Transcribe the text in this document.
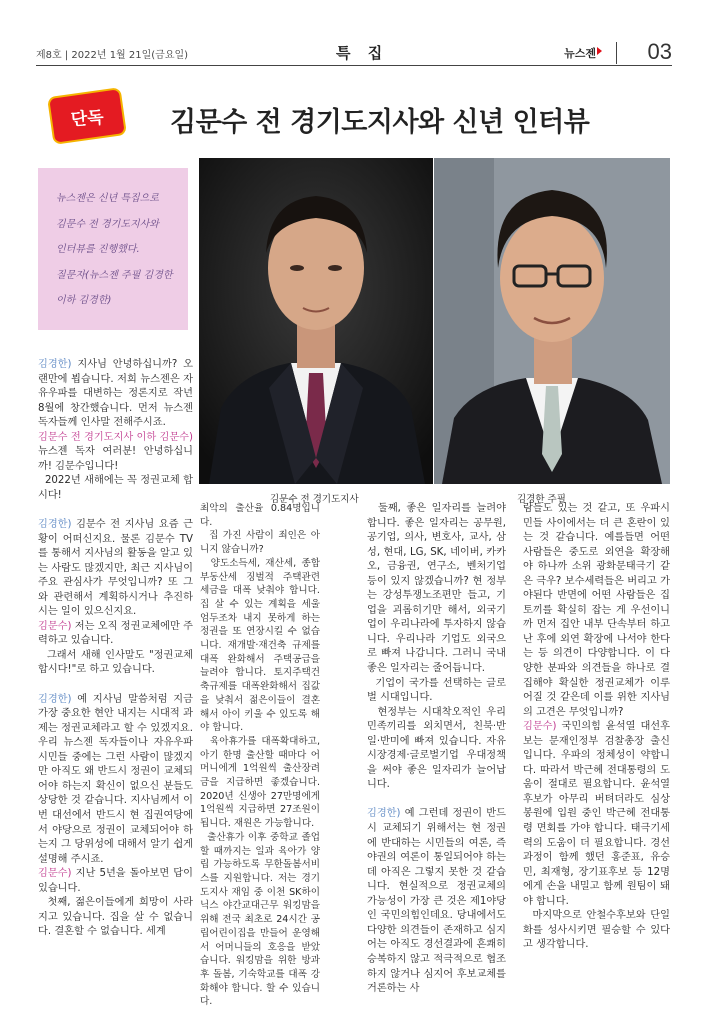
제8호 | 2022년 1월 21일(금요일)	특 집	뉴스젠 03
단독	김문수 전 경기도지사와 신년 인터뷰
뉴스젠은 신년 특집으로
김문수 전 경기도지사와
인터뷰를 진행했다.
질문자(뉴스젠 주필 김경한
이하 김경한)
김문수 전 경기도지사	김경한 주필

김경한) 지사님 안녕하십니까? 오랜만에 뵙습니다. 저희 뉴스젠은 자유우파를 대변하는 정론지로 작년 8월에 창간했습니다. 먼저 뉴스젠 독자들께 인사말 전해주시죠.

김문수 전 경기도지사 이하 김문수) 뉴스젠 독자 여러분! 안녕하십니까! 김문수입니다!

2022년 새해에는 꼭 정권교체 합시다!

김경한) 김문수 전 지사님 요즘 근황이 어떠신지요. 물론 김문수 TV를 통해서 지사님의 활동을 알고 있는 사람도 많겠지만, 최근 지사님이 주요 관심사가 무엇입니까? 또 그와 관련해서 계획하시거나 추진하시는 일이 있으신지요.

김문수) 저는 오직 정권교체에만 주력하고 있습니다.

그래서 새해 인사말도 "정권교체합시다!"로 하고 있습니다.

김경한) 예 지사님 말씀처럼 지금 가장 중요한 현안 내지는 시대적 과제는 정권교체라고 할 수 있겠지요. 우리 뉴스젠 독자들이나 자유우파 시민들 중에는 그런 사람이 많겠지만 아직도 왜 반드시 정권이 교체되어야 하는지 확신이 없으신 분들도 상당한 것 같습니다. 지사님께서 이번 대선에서 반드시 현 집권여당에서 야당으로 정권이 교체되어야 하는지 그 당위성에 대해서 알기 쉽게 설명해 주시죠.

김문수) 지난 5년을 돌아보면 답이 있습니다.

첫째, 젊은이들에게 희망이 사라지고 있습니다. 집을 살 수 없습니다. 결혼할 수 없습니다. 세계

최악의 출산율 0.84명입니다.

집 가진 사람이 죄인은 아니지 않습니까?

양도소득세, 재산세, 종합부동산세 징벌적 주택관련 세금을 대폭 낮춰야 합니다. 집 살 수 있는 계획을 세울 엄두조차 내지 못하게 하는 정권을 또 연장시킬 수 없습니다. 재개발·재건축 규제를 대폭 완화해서 주택공급을 늘려야 합니다. 토지주택건축규제를 대폭완화해서 집값을 낮춰서 젊은이들이 결혼해서 아이 키울 수 있도록 해야 합니다.

육아휴가를 대폭확대하고, 아기 한명 출산할 때마다 어머니에게 1억원씩 출산장려금을 지급하면 좋겠습니다. 2020년 신생아 27만명에게 1억원씩 지급하면 27조원이 됩니다. 재원은 가능합니다.

출산휴가 이후 중학교 졸업할 때까지는 일과 육아가 양립 가능하도록 무한돌봄서비스를 지원합니다. 저는 경기도지사 재임 중 이천 SK하이닉스 야간교대근무 워킹맘을 위해 전국 최초로 24시간 공립어린이집을 만들어 운영해서 어머니들의 호응을 받았습니다. 워킹맘을 위한 방과후 돌봄, 기숙학교를 대폭 강화해야 합니다. 할 수 있습니다.

둘째, 좋은 일자리를 늘려야 합니다. 좋은 일자리는 공무원, 공기업, 의사, 변호사, 교사, 삼성, 현대, LG, SK, 네이버, 카카오, 금융권, 연구소, 벤처기업 등이 있지 않겠습니까? 현 정부는 강성투쟁노조편만 들고, 기업을 괴롭히기만 해서, 외국기업이 우리나라에 투자하지 않습니다. 우리나라 기업도 외국으로 빠져 나갑니다. 그러니 국내 좋은 일자리는 줄어듭니다.

기업이 국가를 선택하는 글로벌 시대입니다.

현정부는 시대착오적인 우리민족끼리를 외치면서, 친북·반일·반미에 빠져 있습니다. 자유시장경제·글로벌기업 우대정책을 써야 좋은 일자리가 늘어납니다.

김경한) 예 그런데 정권이 반드시 교체되기 위해서는 현 정권에 반대하는 시민들의 여론, 즉 야권의 여론이 통일되어야 하는데 아직은 그렇지 못한 것 같습니다. 현실적으로 정권교체의 가능성이 가장 큰 것은 제1야당인 국민의힘인데요. 당내에서도 다양한 의견들이 존재하고 심지어는 아직도 경선결과에 흔쾌히 승복하지 않고 적극적으로 협조하지 않거나 심지어 후보교체를 거론하는 사

람들도 있는 것 같고, 또 우파시민들 사이에서는 더 큰 혼란이 있는 것 같습니다. 예를들면 어떤 사람들은 중도로 외연을 확장해야 하나까 소위 광화문태극기 같은 극우? 보수세력들은 버리고 가야된다 반면에 어떤 사람들은 집토끼를 확실히 잡는 게 우선이니까 먼저 집안 내부 단속부터 하고난 후에 외연 확장에 나서야 한다는 등 의견이 다양합니다. 이 다양한 분파와 의견들을 하나로 결집해야 확실한 정권교체가 이루어질 것 같은데 이를 위한 지사님의 고견은 무엇입니까?

김문수) 국민의힘 윤석열 대선후보는 문재인정부 검찰총장 출신입니다. 우파의 정체성이 약합니다. 따라서 박근혜 전대통령의 도움이 절대로 필요합니다. 윤석열후보가 아무리 버텨더라도 심상봉원에 입원 중인 박근혜 전대통령 면회를 가야 합니다. 태극기세력의 도움이 더 필요합니다. 경선과정이 함께 했던 홍준표, 유승민, 최재형, 장기표후보 등 12명에게 손을 내밀고 함께 원팀이 돼야 합니다.

마지막으로 안철수후보와 단일화를 성사시키면 필승할 수 있다고 생각합니다.
